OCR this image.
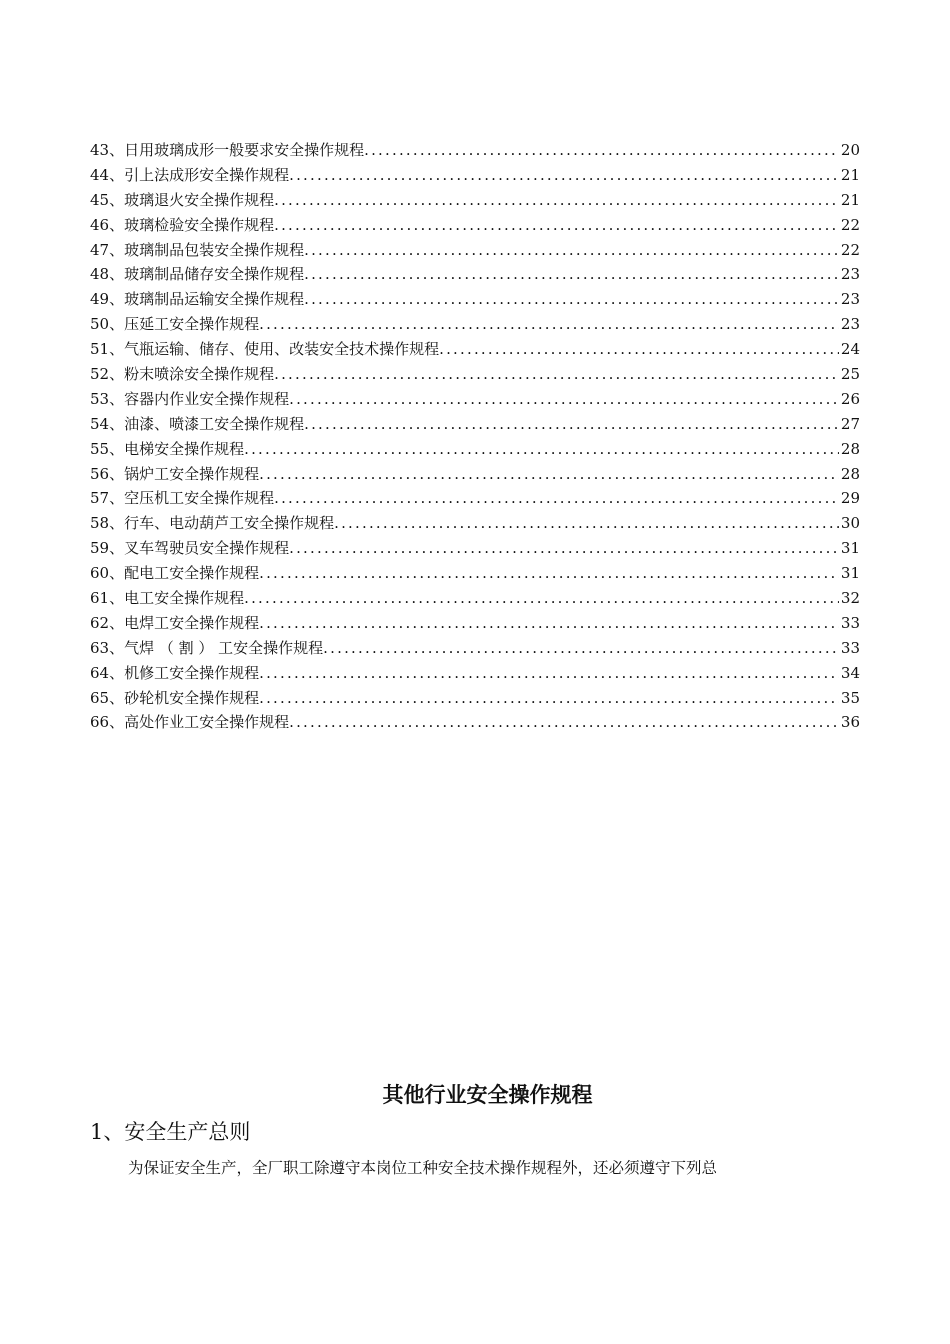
43、 日用玻璃成形一般要求安全操作规程 .....	20
44、 引上法成形安全操作规程 .....	21
45、 玻璃退火安全操作规程 .....	21
46、 玻璃检验安全操作规程 .....	22
47、 玻璃制品包装安全操作规程 .....	22
48、 玻璃制品储存安全操作规程 .....	23
49、 玻璃制品运输安全操作规程 .....	23
50、 压延工安全操作规程 .....	23
51、 气瓶运输、储存、使用、改装安全技术操作规程 .....	24
52、 粉末喷涂安全操作规程 .....	25
53、 容器内作业安全操作规程 .....	26
54、 油漆、喷漆工安全操作规程 .....	27
55、 电梯安全操作规程 .....	28
56、 锅炉工安全操作规程 .....	28
57、 空压机工安全操作规程 .....	29
58、 行车、电动葫芦工安全操作规程 .....	30
59、 叉车驾驶员安全操作规程 .....	31
60、 配电工安全操作规程 .....	31
61、 电工安全操作规程 .....	32
62、 电焊工安全操作规程 .....	33
63、 气焊 （ 割 ） 工安全操作规程 .....	33
64、 机修工安全操作规程 .....	34
65、 砂轮机安全操作规程 .....	35
66、 高处作业工安全操作规程 .....	36
其他行业安全操作规程
1、安全生产总则
为保证安全生产，全厂职工除遵守本岗位工种安全技术操作规程外，还必须遵守下列总
